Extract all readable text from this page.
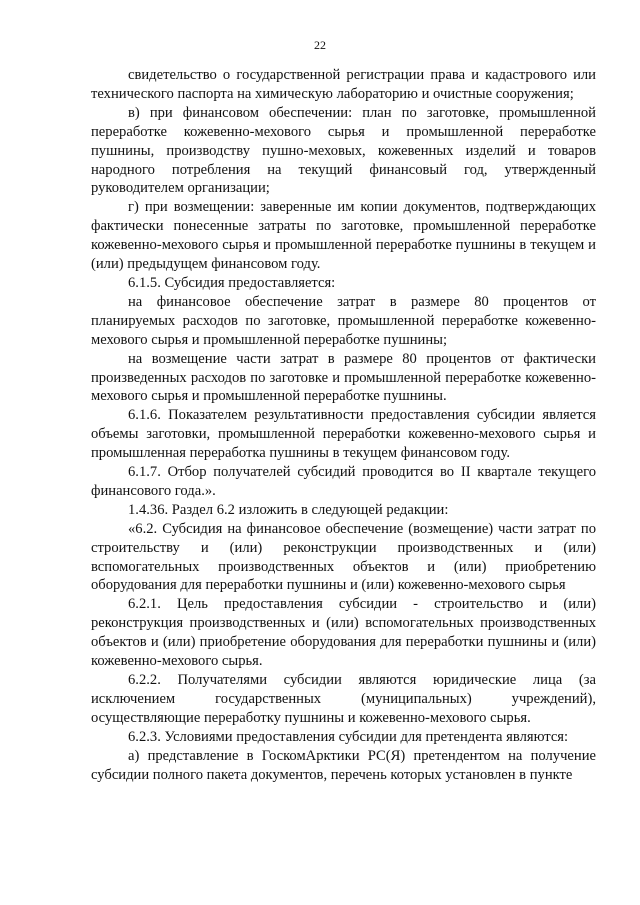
22

свидетельство о государственной регистрации права и кадастрового или технического паспорта на химическую лабораторию и очистные сооружения;

в) при финансовом обеспечении: план по заготовке, промышленной переработке кожевенно-мехового сырья и промышленной переработке пушнины, производству пушно-меховых, кожевенных изделий и товаров народного потребления на текущий финансовый год, утвержденный руководителем организации;

г) при возмещении: заверенные им копии документов, подтверждающих фактически понесенные затраты по заготовке, промышленной переработке кожевенно-мехового сырья и промышленной переработке пушнины в текущем и (или) предыдущем финансовом году.

6.1.5. Субсидия предоставляется:

на финансовое обеспечение затрат в размере 80 процентов от планируемых расходов по заготовке, промышленной переработке кожевенно-мехового сырья и промышленной переработке пушнины;

на возмещение части затрат в размере 80 процентов от фактически произведенных расходов по заготовке и промышленной переработке кожевенно-мехового сырья и промышленной переработке пушнины.

6.1.6. Показателем результативности предоставления субсидии является объемы заготовки, промышленной переработки кожевенно-мехового сырья и промышленная переработка пушнины в текущем финансовом году.

6.1.7. Отбор получателей субсидий проводится во II квартале текущего финансового года.».

1.4.36. Раздел 6.2 изложить в следующей редакции:

«6.2. Субсидия на финансовое обеспечение (возмещение) части затрат по строительству и (или) реконструкции производственных и (или) вспомогательных производственных объектов и (или) приобретению оборудования для переработки пушнины и (или) кожевенно-мехового сырья

6.2.1. Цель предоставления субсидии - строительство и (или) реконструкция производственных и (или) вспомогательных производственных объектов и (или) приобретение оборудования для переработки пушнины и (или) кожевенно-мехового сырья.

6.2.2. Получателями субсидии являются юридические лица (за исключением государственных (муниципальных) учреждений), осуществляющие переработку пушнины и кожевенно-мехового сырья.

6.2.3. Условиями предоставления субсидии для претендента являются:

а) представление в ГоскомАрктики РС(Я) претендентом на получение субсидии полного пакета документов, перечень которых установлен в пункте
